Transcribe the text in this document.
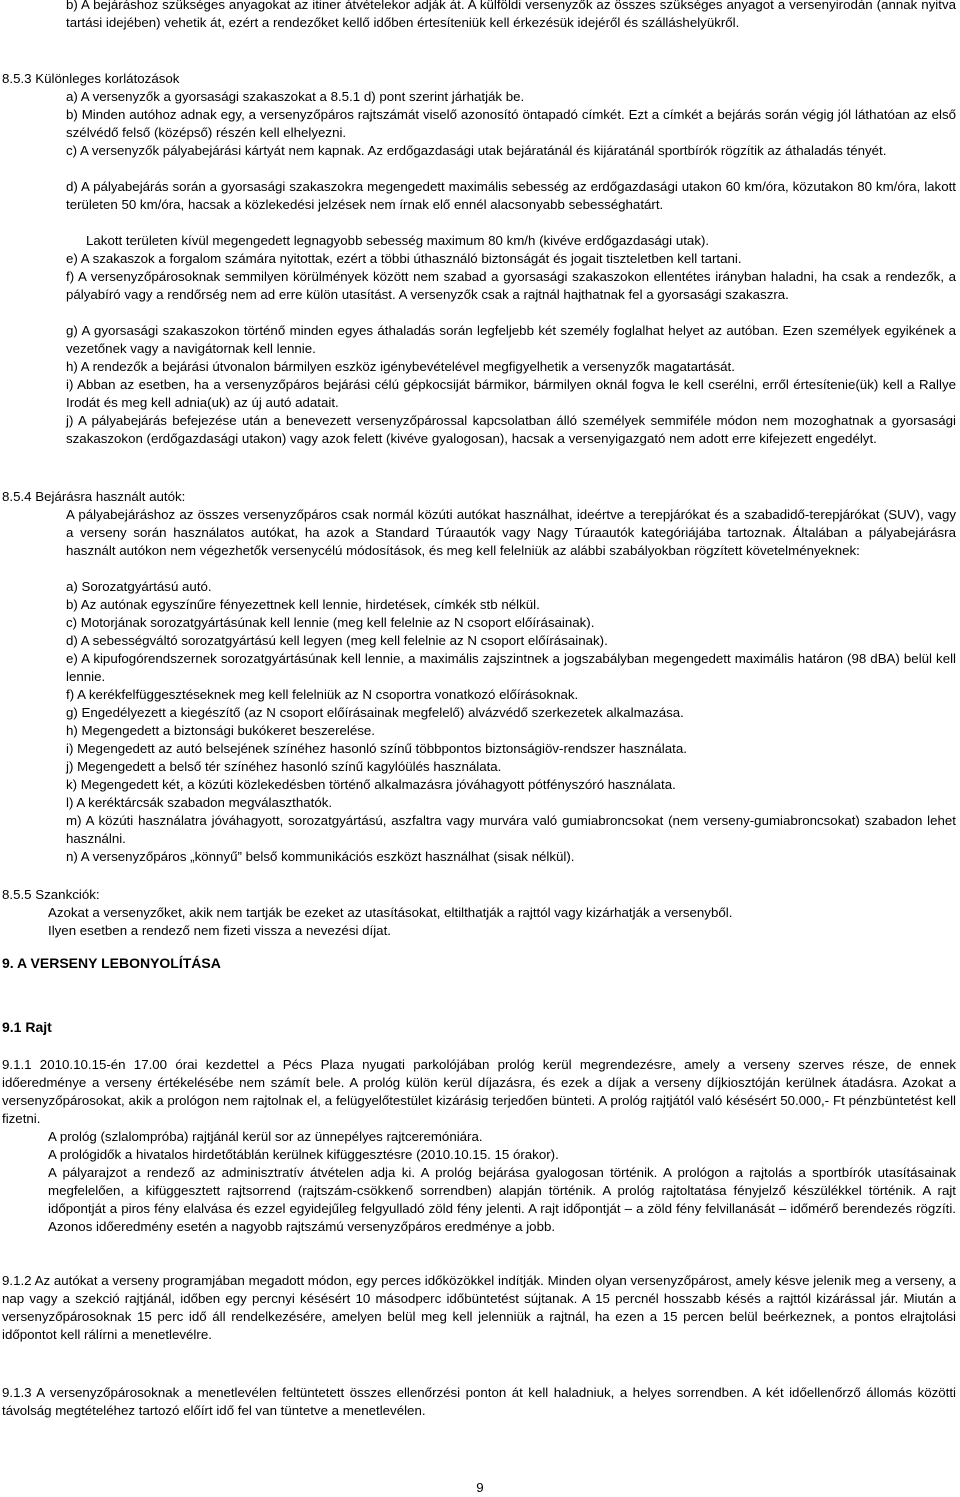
b) A bejáráshoz szükséges anyagokat az itiner átvételekor adják át. A külföldi versenyzők az összes szükséges anyagot a versenyirodán (annak nyitva tartási idejében) vehetik át, ezért a rendezőket kellő időben értesíteniük kell érkezésük idejéről és szálláshelyükről.
8.5.3 Különleges korlátozások
a) A versenyzők a gyorsasági szakaszokat a 8.5.1 d) pont szerint járhatják be.
b) Minden autóhoz adnak egy, a versenyzőpáros rajtszámát viselő azonosító öntapadó címkét. Ezt a címkét a bejárás során végig jól láthatóan az első szélvédő felső (középső) részén kell elhelyezni.
c) A versenyzők pályabejárási kártyát nem kapnak. Az erdőgazdasági utak bejáratánál és kijáratánál sportbírók rögzítik az áthaladás tényét.
d) A pályabejárás során a gyorsasági szakaszokra megengedett maximális sebesség az erdőgazdasági utakon 60 km/óra, közutakon 80 km/óra, lakott területen 50 km/óra, hacsak a közlekedési jelzések nem írnak elő ennél alacsonyabb sebességhatárt.
Lakott területen kívül megengedett legnagyobb sebesség maximum 80 km/h (kivéve erdőgazdasági utak).
e) A szakaszok a forgalom számára nyitottak, ezért a többi úthasználó biztonságát és jogait tiszteletben kell tartani.
f) A versenyzőpárosoknak semmilyen körülmények között nem szabad a gyorsasági szakaszokon ellentétes irányban haladni, ha csak a rendezők, a pályabíró vagy a rendőrség nem ad erre külön utasítást. A versenyzők csak a rajtnál hajthatnak fel a gyorsasági szakaszra.
g) A gyorsasági szakaszokon történő minden egyes áthaladás során legfeljebb két személy foglalhat helyet az autóban. Ezen személyek egyikének a vezetőnek vagy a navigátornak kell lennie.
h) A rendezők a bejárási útvonalon bármilyen eszköz igénybevételével megfigyelhetik a versenyzők magatartását.
i) Abban az esetben, ha a versenyzőpáros bejárási célú gépkocsiját bármikor, bármilyen oknál fogva le kell cserélni, erről értesítenie(ük) kell a Rallye Irodát és meg kell adnia(uk) az új autó adatait.
j) A pályabejárás befejezése után a benevezett versenyzőpárossal kapcsolatban álló személyek semmiféle módon nem mozoghatnak a gyorsasági szakaszokon (erdőgazdasági utakon) vagy azok felett (kivéve gyalogosan), hacsak a versenyigazgató nem adott erre kifejezett engedélyt.
8.5.4 Bejárásra használt autók:
A pályabejáráshoz az összes versenyzőpáros csak normál közúti autókat használhat, ideértve a terepjárókat és a szabadidő-terepjárókat (SUV), vagy a verseny során használatos autókat, ha azok a Standard Túraautók vagy Nagy Túraautók kategóriájába tartoznak. Általában a pályabejárásra használt autókon nem végezhetők versenycélú módosítások, és meg kell felelniük az alábbi szabályokban rögzített követelményeknek:
a) Sorozatgyártású autó.
b) Az autónak egyszínűre fényezettnek kell lennie, hirdetések, címkék stb nélkül.
c) Motorjának sorozatgyártásúnak kell lennie (meg kell felelnie az N csoport előírásainak).
d) A sebességváltó sorozatgyártású kell legyen (meg kell felelnie az N csoport előírásainak).
e) A kipufogórendszernek sorozatgyártásúnak kell lennie, a maximális zajszintnek a jogszabályban megengedett maximális határon (98 dBA) belül kell lennie.
f) A kerékfelfüggesztéseknek meg kell felelniük az N csoportra vonatkozó előírásoknak.
g) Engedélyezett a kiegészítő (az N csoport előírásainak megfelelő) alvázvédő szerkezetek alkalmazása.
h) Megengedett a biztonsági bukókeret beszerelése.
i) Megengedett az autó belsejének színéhez hasonló színű többpontos biztonságiöv-rendszer használata.
j) Megengedett a belső tér színéhez hasonló színű kagylóülés használata.
k) Megengedett két, a közúti közlekedésben történő alkalmazásra jóváhagyott pótfényszóró használata.
l) A keréktárcsák szabadon megválaszthatók.
m) A közúti használatra jóváhagyott, sorozatgyártású, aszfaltra vagy murvára való gumiabroncsokat (nem verseny-gumiabroncsokat) szabadon lehet használni.
n) A versenyzőpáros „könnyű” belső kommunikációs eszközt használhat (sisak nélkül).
8.5.5 Szankciók:
Azokat a versenyzőket, akik nem tartják be ezeket az utasításokat, eltilthatják a rajttól vagy kizárhatják a versenyből.
Ilyen esetben a rendező nem fizeti vissza a nevezési díjat.
9. A VERSENY LEBONYOLÍTÁSA
9.1 Rajt
9.1.1 2010.10.15-én 17.00 órai kezdettel a Pécs Plaza nyugati parkolójában prológ kerül megrendezésre, amely a verseny szerves része, de ennek időeredménye a verseny értékelésébe nem számít bele. A prológ külön kerül díjazásra, és ezek a díjak a verseny díjkiosztóján kerülnek átadásra. Azokat a versenyzőpárosokat, akik a prológon nem rajtolnak el, a felügyelőtestület kizárásig terjedően bünteti. A prológ rajtjától való késésért 50.000,- Ft pénzbüntetést kell fizetni.
A prológ (szlalompróba) rajtjánál kerül sor az ünnepélyes rajtceremóniára.
A prológidők a hivatalos hirdetőtáblán kerülnek kifüggesztésre (2010.10.15. 15 órakor).
A pályarajzot a rendező az adminisztratív átvételen adja ki. A prológ bejárása gyalogosan történik. A prológon a rajtolás a sportbírók utasításainak megfelelően, a kifüggesztett rajtsorrend (rajtszám-csökkenő sorrendben) alapján történik. A prológ rajtoltatása fényjelző készülékkel történik. A rajt időpontját a piros fény elalvása és ezzel egyidejűleg felgyulladó zöld fény jelenti. A rajt időpontját – a zöld fény felvillanását – időmérő berendezés rögzíti. Azonos időeredmény esetén a nagyobb rajtszámú versenyzőpáros eredménye a jobb.
9.1.2 Az autókat a verseny programjában megadott módon, egy perces időközökkel indítják. Minden olyan versenyzőpárost, amely késve jelenik meg a verseny, a nap vagy a szekció rajtjánál, időben egy percnyi késésért 10 másodperc időbüntetést sújtanak. A 15 percnél hosszabb késés a rajttól kizárással jár. Miután a versenyzőpárosoknak 15 perc idő áll rendelkezésére, amelyen belül meg kell jelenniük a rajtnál, ha ezen a 15 percen belül beérkeznek, a pontos elrajtolási időpontot kell rálírni a menetlevélre.
9.1.3 A versenyzőpárosoknak a menetlevélen feltüntetett összes ellenőrzési ponton át kell haladniuk, a helyes sorrendben. A két időellenőrző állomás közötti távolság megtételéhez tartozó előírt idő fel van tüntetve a menetlevélen.
9
